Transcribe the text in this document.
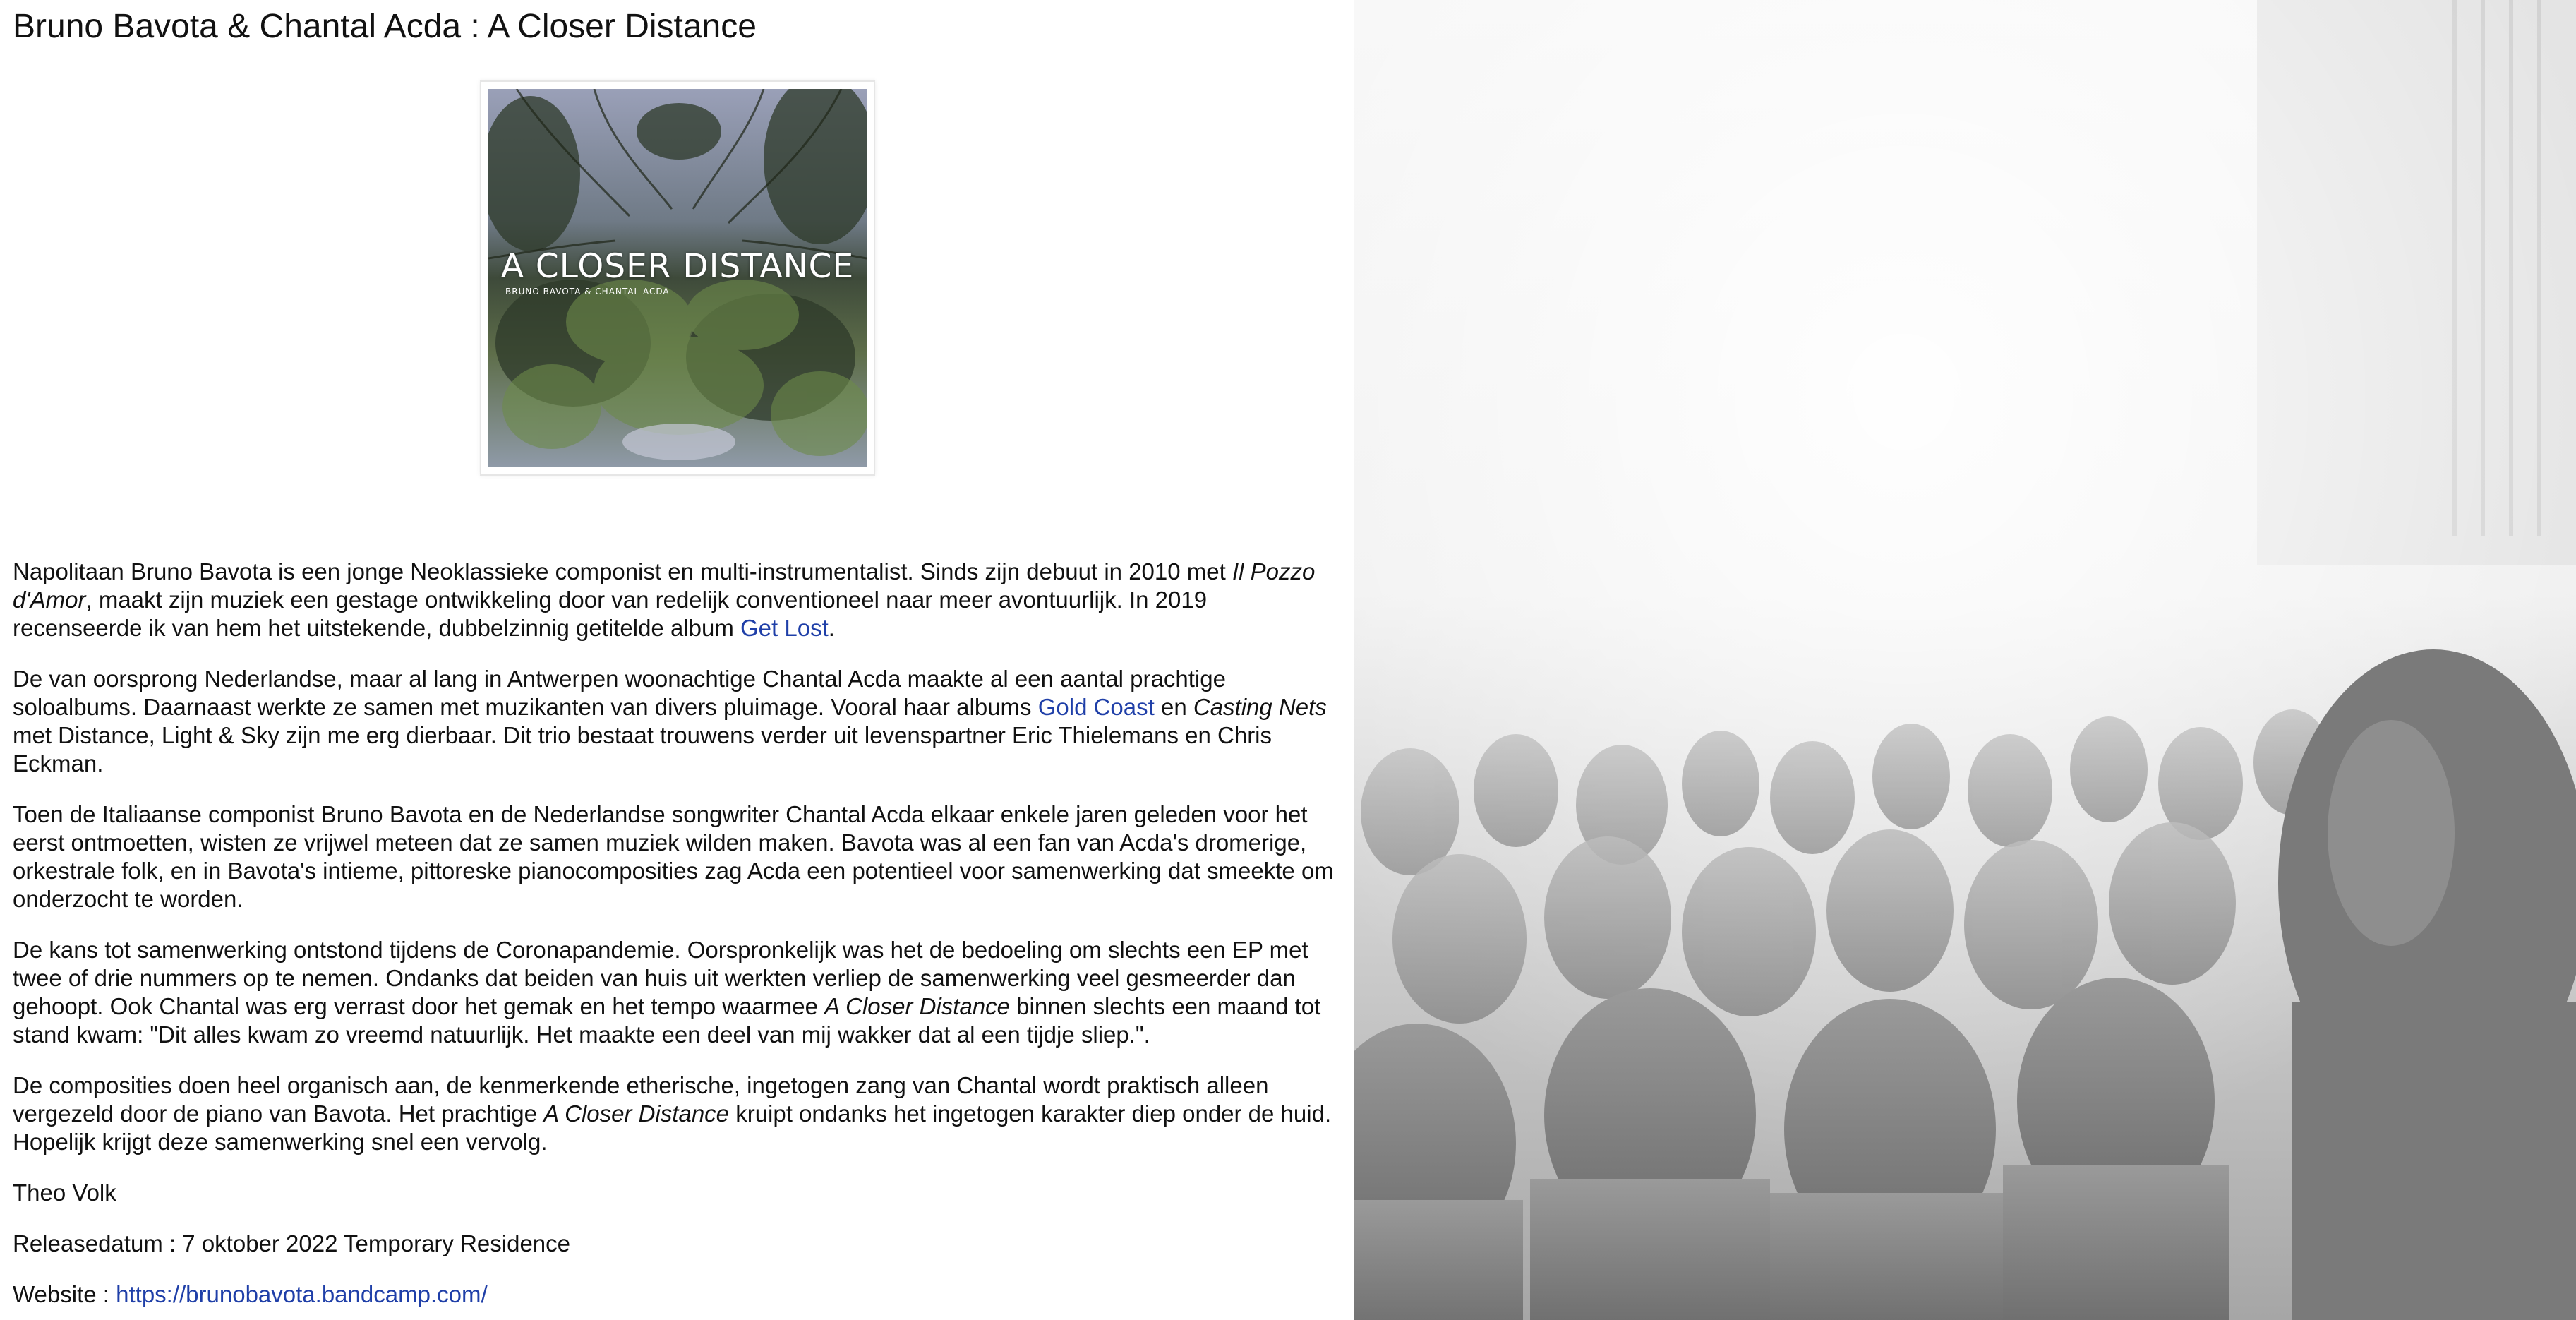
Bruno Bavota & Chantal Acda : A Closer Distance
A CLOSER DISTANCE
BRUNO BAVOTA & CHANTAL ACDA

Napolitaan Bruno Bavota is een jonge Neoklassieke componist en multi-instrumentalist. Sinds zijn debuut in 2010 met Il Pozzo d'Amor, maakt zijn muziek een gestage ontwikkeling door van redelijk conventioneel naar meer avontuurlijk. In 2019 recenseerde ik van hem het uitstekende, dubbelzinnig getitelde album Get Lost.

De van oorsprong Nederlandse, maar al lang in Antwerpen woonachtige Chantal Acda maakte al een aantal prachtige soloalbums. Daarnaast werkte ze samen met muzikanten van divers pluimage. Vooral haar albums Gold Coast en Casting Nets met Distance, Light & Sky zijn me erg dierbaar. Dit trio bestaat trouwens verder uit levenspartner Eric Thielemans en Chris Eckman.

Toen de Italiaanse componist Bruno Bavota en de Nederlandse songwriter Chantal Acda elkaar enkele jaren geleden voor het eerst ontmoetten, wisten ze vrijwel meteen dat ze samen muziek wilden maken. Bavota was al een fan van Acda's dromerige, orkestrale folk, en in Bavota's intieme, pittoreske pianocomposities zag Acda een potentieel voor samenwerking dat smeekte om onderzocht te worden.

De kans tot samenwerking ontstond tijdens de Coronapandemie. Oorspronkelijk was het de bedoeling om slechts een EP met twee of drie nummers op te nemen. Ondanks dat beiden van huis uit werkten verliep de samenwerking veel gesmeerder dan gehoopt. Ook Chantal was erg verrast door het gemak en het tempo waarmee A Closer Distance binnen slechts een maand tot stand kwam: "Dit alles kwam zo vreemd natuurlijk. Het maakte een deel van mij wakker dat al een tijdje sliep.".

De composities doen heel organisch aan, de kenmerkende etherische, ingetogen zang van Chantal wordt praktisch alleen vergezeld door de piano van Bavota. Het prachtige A Closer Distance kruipt ondanks het ingetogen karakter diep onder de huid. Hopelijk krijgt deze samenwerking snel een vervolg.

Theo Volk

Releasedatum : 7 oktober 2022 Temporary Residence

Website : https://brunobavota.bandcamp.com/
